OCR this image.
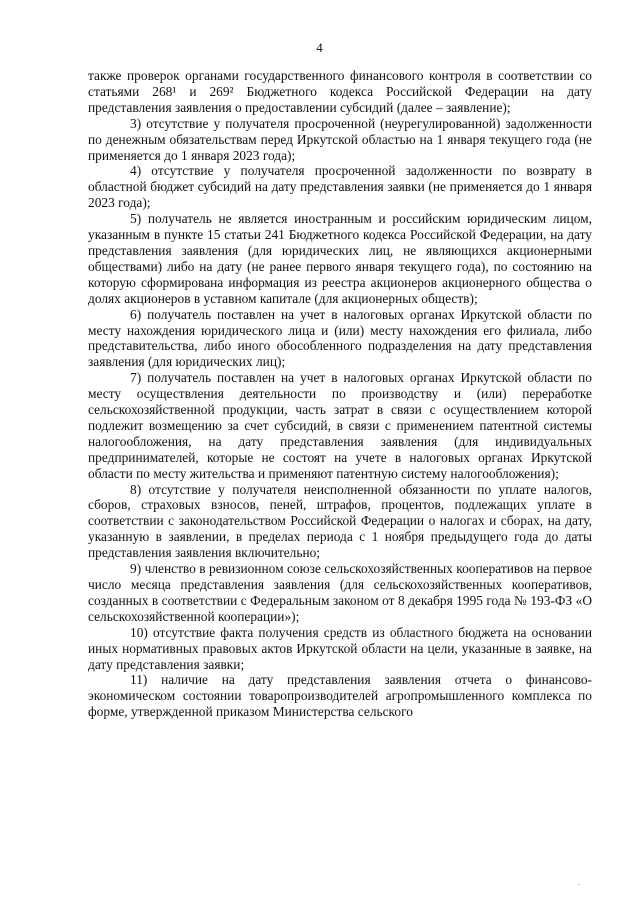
4

также проверок органами государственного финансового контроля в соответствии со статьями 268¹ и 269² Бюджетного кодекса Российской Федерации на дату представления заявления о предоставлении субсидий (далее – заявление);

3) отсутствие у получателя просроченной (неурегулированной) задолженности по денежным обязательствам перед Иркутской областью на 1 января текущего года (не применяется до 1 января 2023 года);

4) отсутствие у получателя просроченной задолженности по возврату в областной бюджет субсидий на дату представления заявки (не применяется до 1 января 2023 года);

5) получатель не является иностранным и российским юридическим лицом, указанным в пункте 15 статьи 241 Бюджетного кодекса Российской Федерации, на дату представления заявления (для юридических лиц, не являющихся акционерными обществами) либо на дату (не ранее первого января текущего года), по состоянию на которую сформирована информация из реестра акционеров акционерного общества о долях акционеров в уставном капитале (для акционерных обществ);

6) получатель поставлен на учет в налоговых органах Иркутской области по месту нахождения юридического лица и (или) месту нахождения его филиала, либо представительства, либо иного обособленного подразделения на дату представления заявления (для юридических лиц);

7) получатель поставлен на учет в налоговых органах Иркутской области по месту осуществления деятельности по производству и (или) переработке сельскохозяйственной продукции, часть затрат в связи с осуществлением которой подлежит возмещению за счет субсидий, в связи с применением патентной системы налогообложения, на дату представления заявления (для индивидуальных предпринимателей, которые не состоят на учете в налоговых органах Иркутской области по месту жительства и применяют патентную систему налогообложения);

8) отсутствие у получателя неисполненной обязанности по уплате налогов, сборов, страховых взносов, пеней, штрафов, процентов, подлежащих уплате в соответствии с законодательством Российской Федерации о налогах и сборах, на дату, указанную в заявлении, в пределах периода с 1 ноября предыдущего года до даты представления заявления включительно;

9) членство в ревизионном союзе сельскохозяйственных кооперативов на первое число месяца представления заявления (для сельскохозяйственных кооперативов, созданных в соответствии с Федеральным законом от 8 декабря 1995 года № 193-ФЗ «О сельскохозяйственной кооперации»);

10) отсутствие факта получения средств из областного бюджета на основании иных нормативных правовых актов Иркутской области на цели, указанные в заявке, на дату представления заявки;

11) наличие на дату представления заявления отчета о финансово-экономическом состоянии товаропроизводителей агропромышленного комплекса по форме, утвержденной приказом Министерства сельского

.
